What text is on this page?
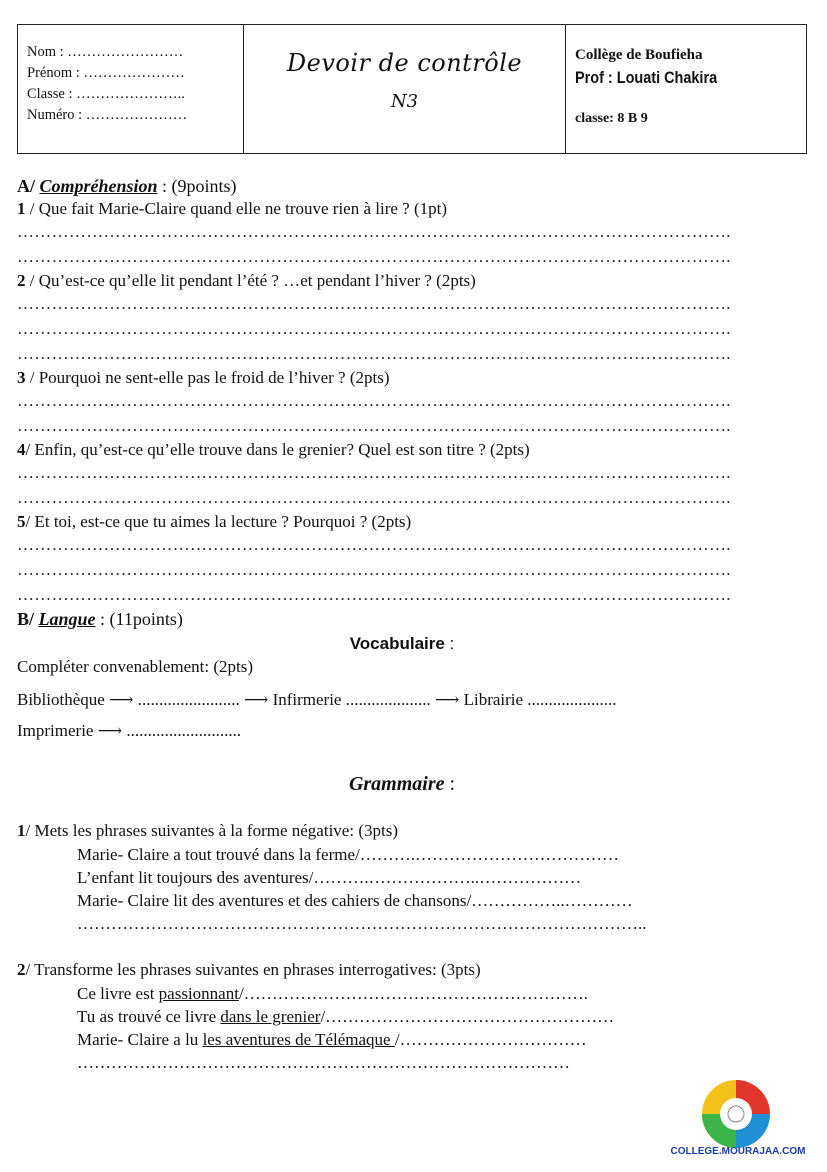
Nom : ……………………
Prénom : …………………
Classe : …………………..
Numéro : …………………
Devoir de contrôle
N3
Collège de Boufieha
Prof : Louati Chakira
classe: 8 B 9
A/ Compréhension : (9points)
1 / Que fait Marie-Claire quand elle ne trouve rien à lire ? (1pt)
…………………………………………………………………………………………………………….
…………………………………………………………………………………………………………….
2 / Qu’est-ce qu’elle lit pendant l’été ? …et pendant l’hiver ? (2pts)
…………………………………………………………………………………………………………….
…………………………………………………………………………………………………………….
…………………………………………………………………………………………………………….
3 / Pourquoi ne sent-elle pas le froid de l’hiver ? (2pts)
…………………………………………………………………………………………………………….
…………………………………………………………………………………………………………….
4/ Enfin, qu’est-ce qu’elle trouve dans le grenier? Quel est son titre ? (2pts)
…………………………………………………………………………………………………………….
…………………………………………………………………………………………………………….
5/ Et toi, est-ce que tu aimes la lecture ? Pourquoi ? (2pts)
…………………………………………………………………………………………………………….
…………………………………………………………………………………………………………….
…………………………………………………………………………………………………………….
B/ Langue : (11points)
Vocabulaire :
Compléter convenablement: (2pts)
Bibliothèque ⟶ ........................ ⟶ Infirmerie .................... ⟶ Librairie .....................
Imprimerie ⟶ ...........................
Grammaire :
1/ Mets les phrases suivantes à la forme négative: (3pts)
Marie- Claire a tout trouvé dans la ferme/……….………………………………
L’enfant lit toujours des aventures/……….………………..………………
Marie- Claire lit des aventures et des cahiers de chansons/……………..…………
………………………………………………………………………………………..
2/ Transforme les phrases suivantes en phrases interrogatives: (3pts)
Ce livre est passionnant/…………………………………………………….
Tu as trouvé ce livre dans le grenier/……………………………………………
Marie- Claire a lu les aventures de Télémaque /……………………………
……………………………………………………………………………
COLLEGE.MOURAJAA.COM
